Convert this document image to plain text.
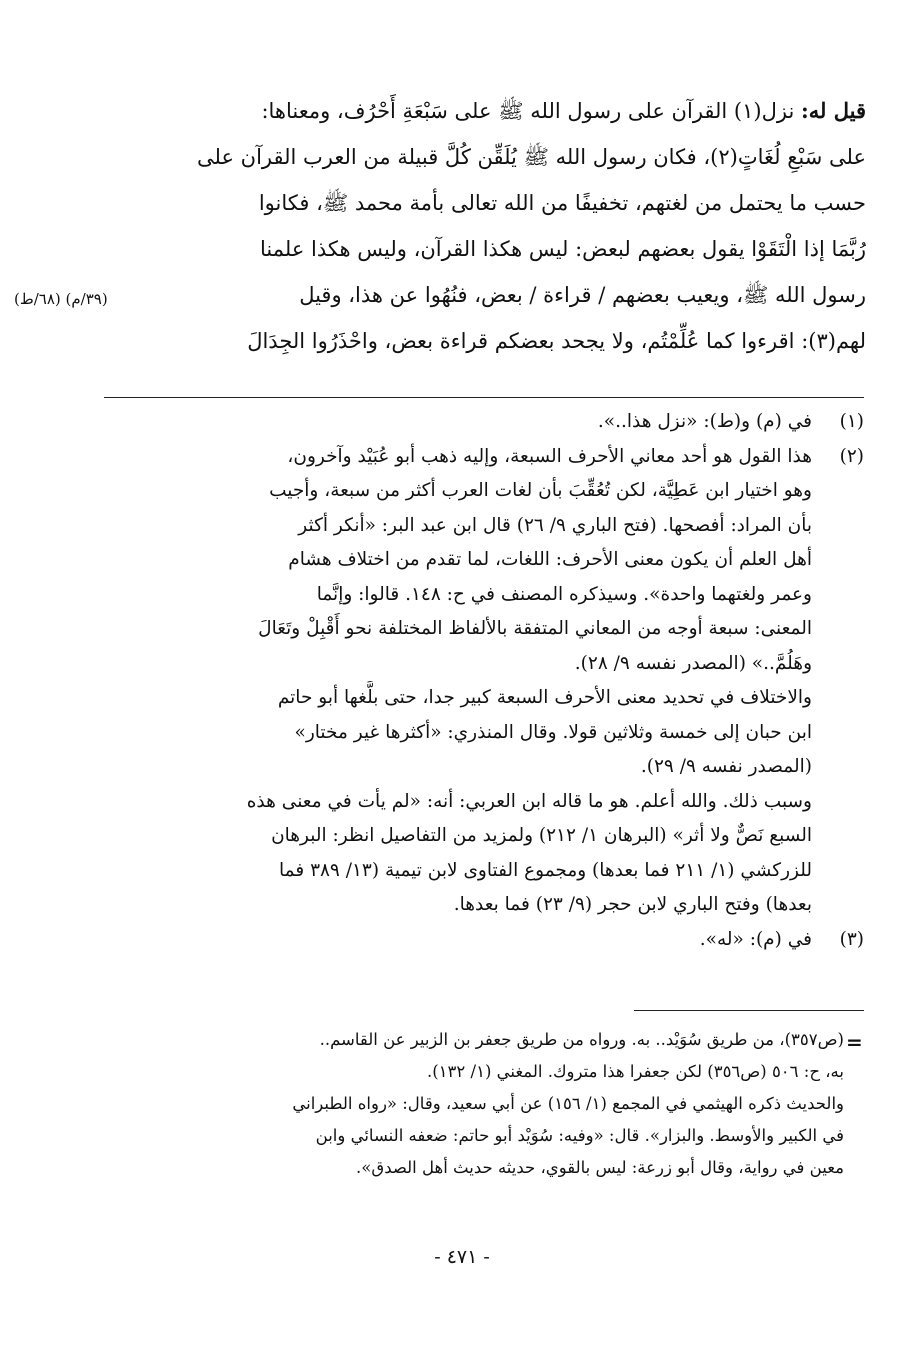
قيل له: نزل(١) القرآن على رسول الله ﷺ على سَبْعَةِ أَحْرُف، ومعناها:
على سَبْعِ لُغَاتٍ(٢)، فكان رسول الله ﷺ يُلَقِّن كُلَّ قبيلة من العرب القرآن على
حسب ما يحتمل من لغتهم، تخفيفًا من الله تعالى بأمة محمد ﷺ، فكانوا
رُبَّمَا إذا الْتَقَوْا يقول بعضهم لبعض: ليس هكذا القرآن، وليس هكذا علمنا
رسول الله ﷺ، ويعيب بعضهم / قراءة / بعض، فنُهُوا عن هذا، وقيل
لهم(٣): اقرءوا كما عُلِّمْتُم، ولا يجحد بعضكم قراءة بعض، واحْذَرُوا الجِدَالَ
(٣٩/م) (٦٨/ط)
(١)
في (م) و(ط): «نزل هذا..».
(٢)
هذا القول هو أحد معاني الأحرف السبعة، وإليه ذهب أبو عُبَيْد وآخرون،
وهو اختيار ابن عَطِيَّة، لكن تُعُقِّبَ بأن لغات العرب أكثر من سبعة، وأجيب
بأن المراد: أفصحها. (فتح الباري ٩/ ٢٦) قال ابن عبد البر: «أنكر أكثر
أهل العلم أن يكون معنى الأحرف: اللغات، لما تقدم من اختلاف هشام
وعمر ولغتهما واحدة». وسيذكره المصنف في ح: ١٤٨. قالوا: وإنَّما
المعنى: سبعة أوجه من المعاني المتفقة بالألفاظ المختلفة نحو أَقْبِلْ وتَعَالَ
وهَلُمَّ..» (المصدر نفسه ٩/ ٢٨).
والاختلاف في تحديد معنى الأحرف السبعة كبير جدا، حتى بلَّغها أبو حاتم
ابن حبان إلى خمسة وثلاثين قولا. وقال المنذري: «أكثرها غير مختار»
(المصدر نفسه ٩/ ٢٩).
وسبب ذلك. والله أعلم. هو ما قاله ابن العربي: أنه: «لم يأت في معنى هذه
السبع نَصٌّ ولا أثر» (البرهان ١/ ٢١٢) ولمزيد من التفاصيل انظر: البرهان
للزركشي (١/ ٢١١ فما بعدها) ومجموع الفتاوى لابن تيمية (١٣/ ٣٨٩ فما
بعدها) وفتح الباري لابن حجر (٩/ ٢٣) فما بعدها.
(٣)
في (م): «له».
=
(ص٣٥٧)، من طريق سُوَيْد.. به. ورواه من طريق جعفر بن الزبير عن القاسم..
به، ح: ٥٠٦ (ص٣٥٦) لكن جعفرا هذا متروك. المغني (١/ ١٣٢).
والحديث ذكره الهيثمي في المجمع (١/ ١٥٦) عن أبي سعيد، وقال: «رواه الطبراني
في الكبير والأوسط. والبزار». قال: «وفيه: سُوَيْد أبو حاتم: ضعفه النسائي وابن
معين في رواية، وقال أبو زرعة: ليس بالقوي، حديثه حديث أهل الصدق».
- ٤٧١ -
